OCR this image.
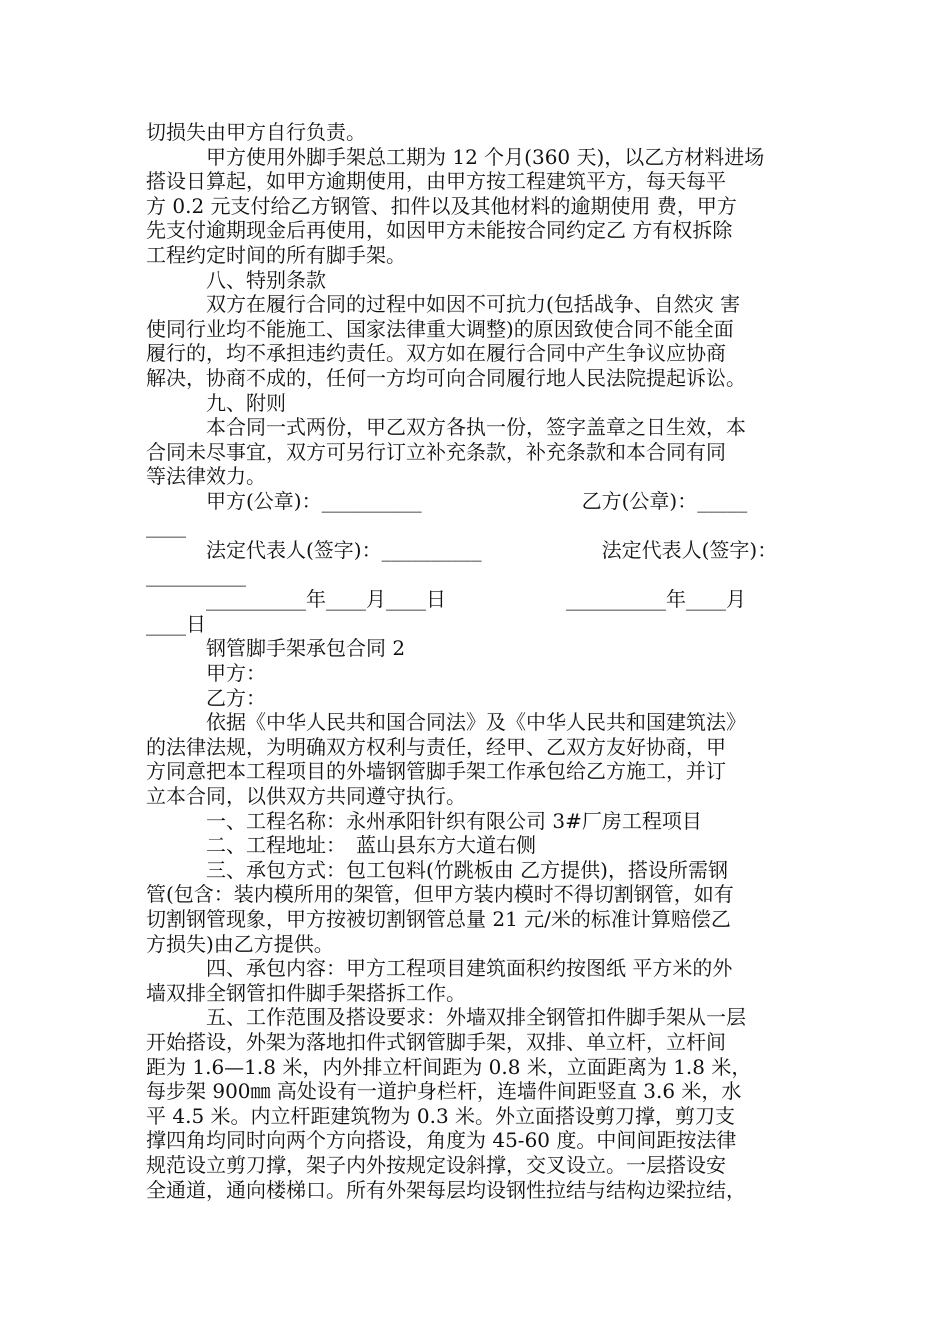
切损失由甲方自行负责。
　　　甲方使用外脚手架总工期为 12 个月(360 天)，以乙方材料进场
搭设日算起，如甲方逾期使用，由甲方按工程建筑平方，每天每平
方 0.2 元支付给乙方钢管、扣件以及其他材料的逾期使用 费，甲方
先支付逾期现金后再使用，如因甲方未能按合同约定乙 方有权拆除
工程约定时间的所有脚手架。
　　　八、特别条款
　　　双方在履行合同的过程中如因不可抗力(包括战争、自然灾 害
使同行业均不能施工、国家法律重大调整)的原因致使合同不能全面
履行的，均不承担违约责任。双方如在履行合同中产生争议应协商
解决，协商不成的，任何一方均可向合同履行地人民法院提起诉讼。
　　　九、附则
　　　本合同一式两份，甲乙双方各执一份，签字盖章之日生效，本
合同未尽事宜，双方可另行订立补充条款，补充条款和本合同有同
等法律效力。
　　　甲方(公章)：__________　　　　　　　　乙方(公章)：_____
____
　　　法定代表人(签字)：__________　　　　　　法定代表人(签字)：
__________
　　　__________年____月____日　　　　　　__________年____月
____日
　　　钢管脚手架承包合同 2
　　　甲方：
　　　乙方：
　　　依据《中华人民共和国合同法》及《中华人民共和国建筑法》
的法律法规，为明确双方权利与责任，经甲、乙双方友好协商，甲
方同意把本工程项目的外墙钢管脚手架工作承包给乙方施工，并订
立本合同，以供双方共同遵守执行。
　　　一、工程名称：永州承阳针织有限公司 3#厂房工程项目
　　　二、工程地址：　蓝山县东方大道右侧
　　　三、承包方式：包工包料(竹跳板由 乙方提供)，搭设所需钢
管(包含：装内模所用的架管，但甲方装内模时不得切割钢管，如有
切割钢管现象，甲方按被切割钢管总量 21 元/米的标准计算赔偿乙
方损失)由乙方提供。
　　　四、承包内容：甲方工程项目建筑面积约按图纸 平方米的外
墙双排全钢管扣件脚手架搭拆工作。
　　　五、工作范围及搭设要求：外墙双排全钢管扣件脚手架从一层
开始搭设，外架为落地扣件式钢管脚手架，双排、单立杆，立杆间
距为 1.6—1.8 米，内外排立杆间距为 0.8 米，立面距离为 1.8 米，
每步架 900㎜ 高处设有一道护身栏杆，连墙件间距竖直 3.6 米，水
平 4.5 米。内立杆距建筑物为 0.3 米。外立面搭设剪刀撑，剪刀支
撑四角均同时向两个方向搭设，角度为 45-60 度。中间间距按法律
规范设立剪刀撑，架子内外按规定设斜撑，交叉设立。一层搭设安
全通道，通向楼梯口。所有外架每层均设钢性拉结与结构边梁拉结，
